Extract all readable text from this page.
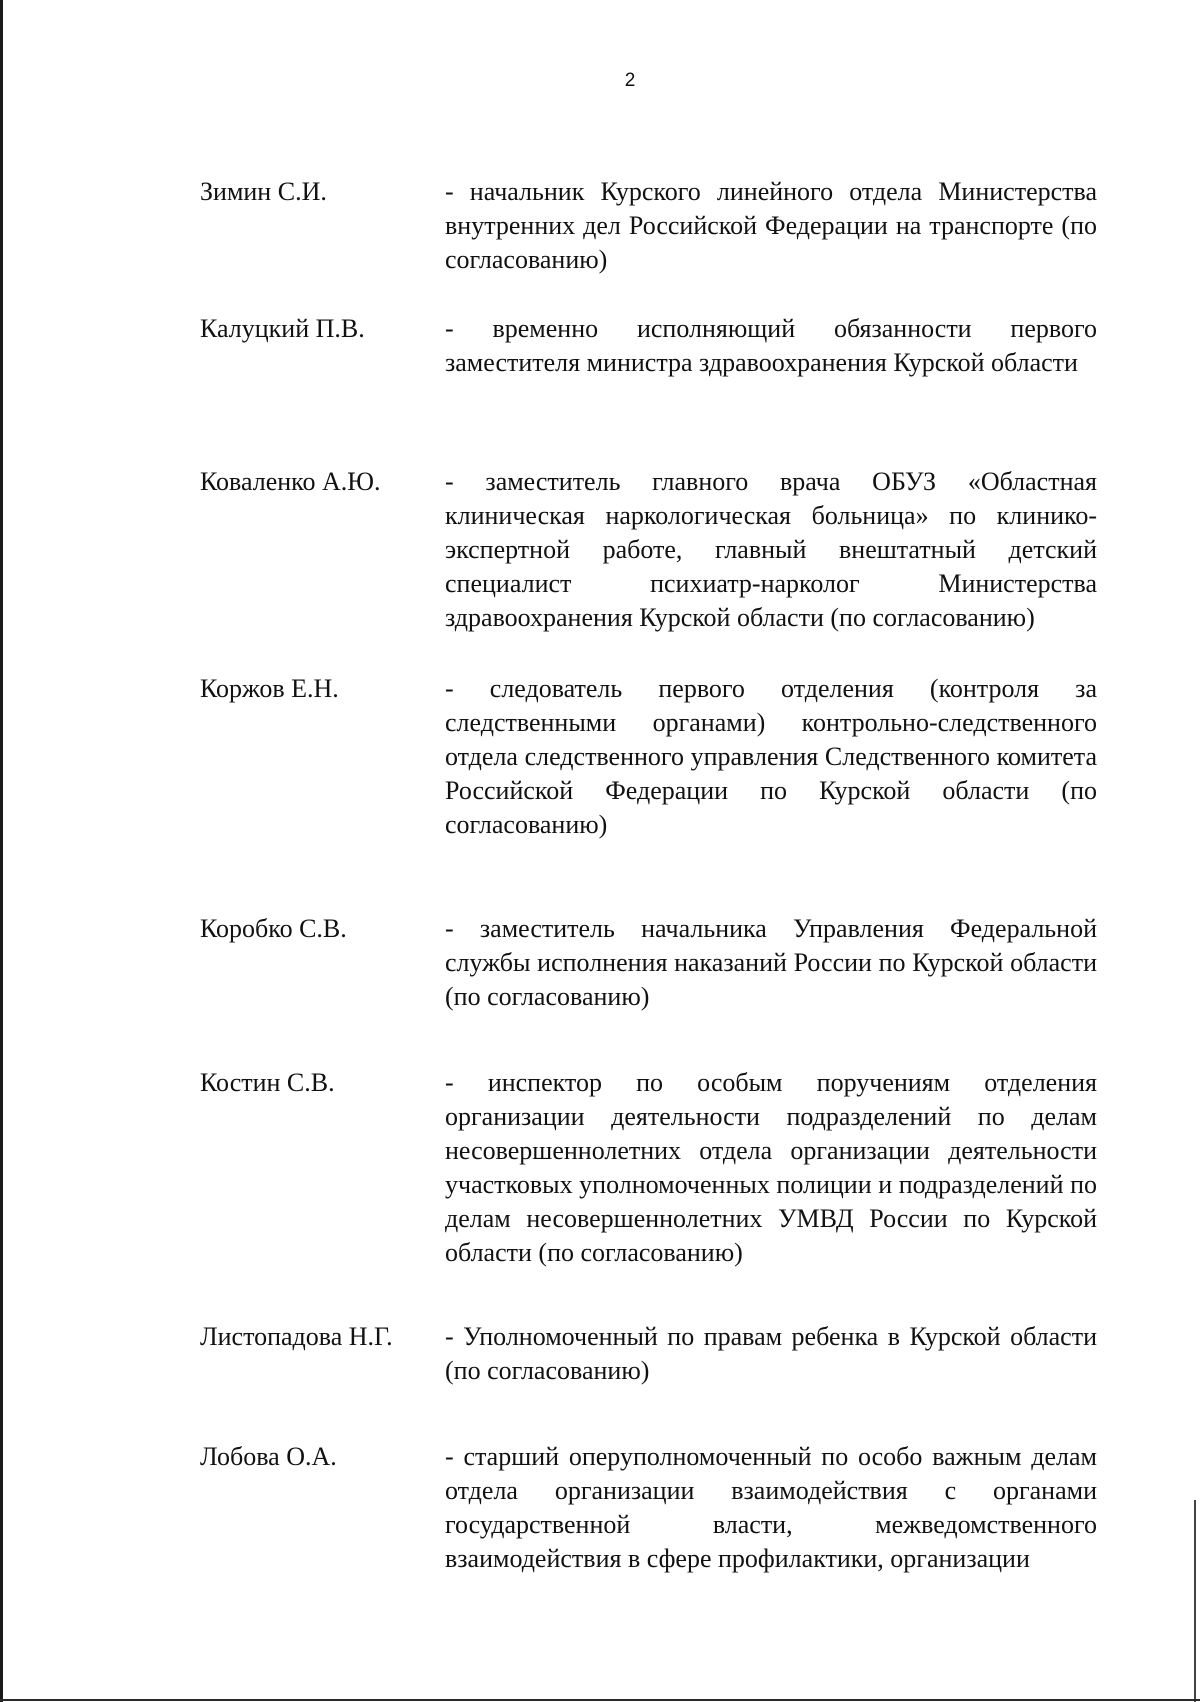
2
Зимин С.И.	- начальник Курского линейного отдела Министерства внутренних дел Российской Федерации на транспорте (по согласованию)
Калуцкий П.В.	- временно исполняющий обязанности первого заместителя министра здравоохранения Курской области
Коваленко А.Ю.	- заместитель главного врача ОБУЗ «Областная клиническая наркологическая больница» по клинико-экспертной работе, главный внештатный детский специалист психиатр-нарколог Министерства здравоохранения Курской области (по согласованию)
Коржов Е.Н.	- следователь первого отделения (контроля за следственными органами) контрольно-следственного отдела следственного управления Следственного комитета Российской Федерации по Курской области (по согласованию)
Коробко С.В.	- заместитель начальника Управления Федеральной службы исполнения наказаний России по Курской области (по согласованию)
Костин С.В.	- инспектор по особым поручениям отделения организации деятельности подразделений по делам несовершеннолетних отдела организации деятельности участковых уполномоченных полиции и подразделений по делам несовершеннолетних УМВД России по Курской области (по согласованию)
Листопадова Н.Г.	- Уполномоченный по правам ребенка в Курской области (по согласованию)
Лобова О.А.	- старший оперуполномоченный по особо важным делам отдела организации взаимодействия с органами государственной власти, межведомственного взаимодействия в сфере профилактики, организации
